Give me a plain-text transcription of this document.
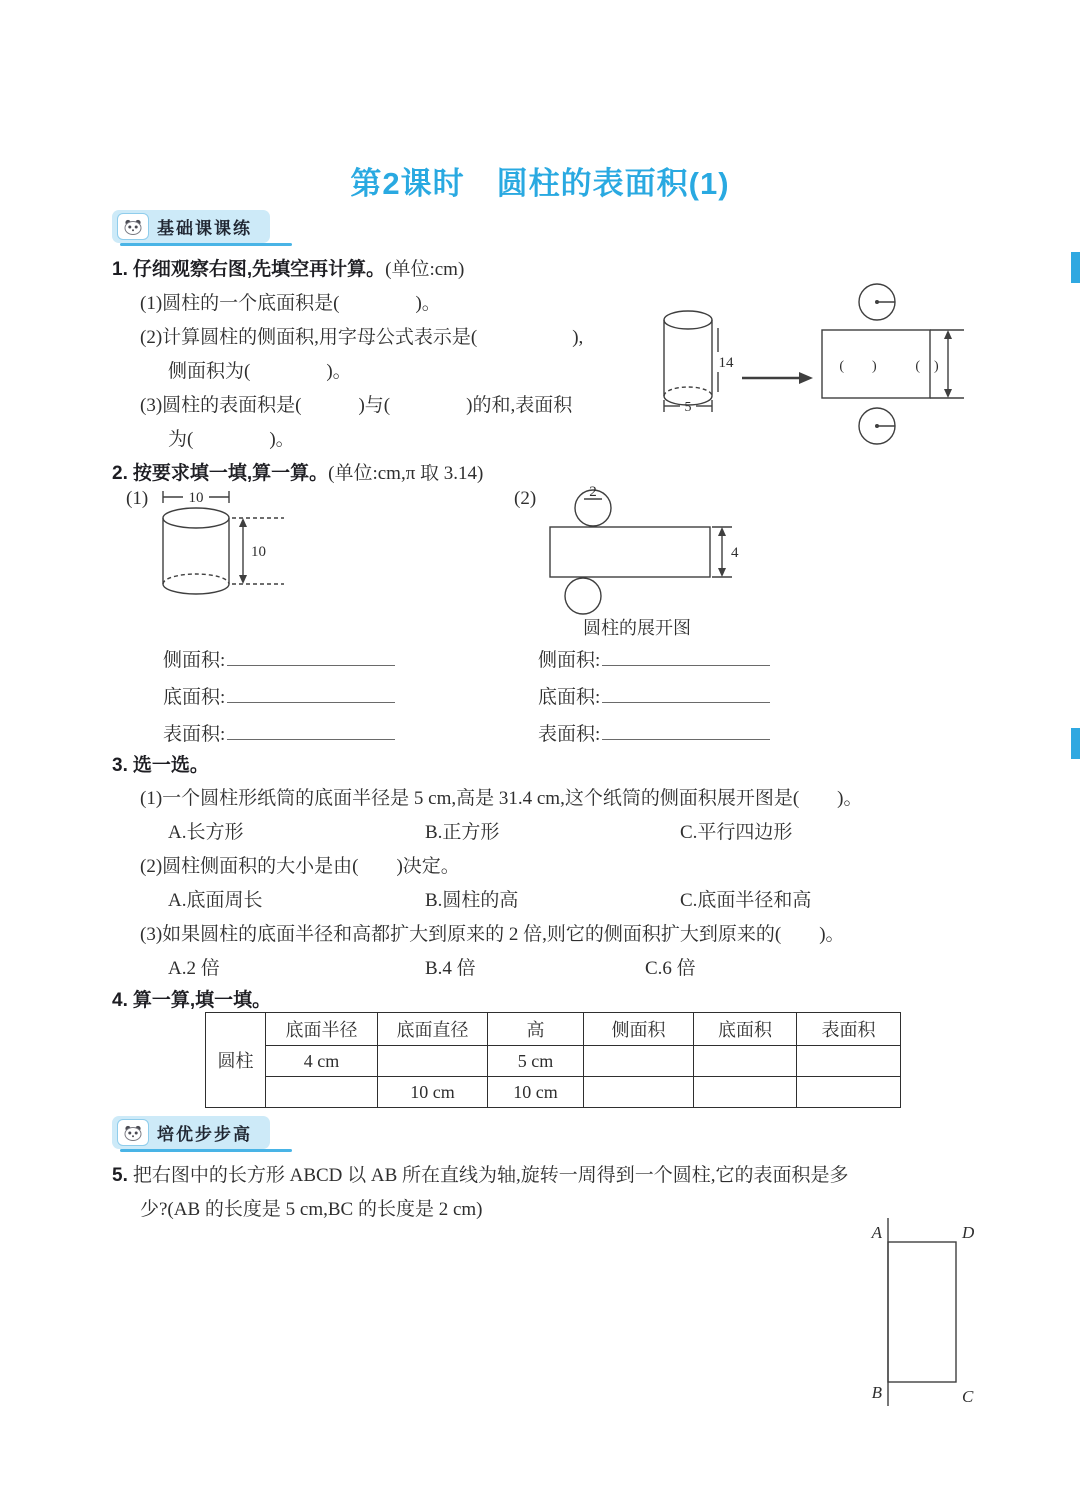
第2课时　圆柱的表面积(1)
基础课课练
1. 仔细观察右图,先填空再计算。(单位:cm)
(1)圆柱的一个底面积是(　　　　)。
(2)计算圆柱的侧面积,用字母公式表示是(　　　　　),
侧面积为(　　　　)。
(3)圆柱的表面积是(　　　)与(　　　　)的和,表面积
为(　　　　)。
14
5
(　　)	(　)
2. 按要求填一填,算一算。(单位:cm,π 取 3.14)
(1)	(2)
10
10
2
4
圆柱的展开图
侧面积:
底面积:
表面积:
侧面积:
底面积:
表面积:
3. 选一选。
(1)一个圆柱形纸筒的底面半径是 5 cm,高是 31.4 cm,这个纸筒的侧面积展开图是(　　)。
A.长方形	B.正方形	C.平行四边形
(2)圆柱侧面积的大小是由(　　)决定。
A.底面周长	B.圆柱的高	C.底面半径和高
(3)如果圆柱的底面半径和高都扩大到原来的 2 倍,则它的侧面积扩大到原来的(　　)。
A.2 倍	B.4 倍	C.6 倍
4. 算一算,填一填。
圆柱	底面半径	底面直径	高	侧面积	底面积	表面积
	4 cm		5 cm			
		10 cm	10 cm			
培优步步高
5. 把右图中的长方形 ABCD 以 AB 所在直线为轴,旋转一周得到一个圆柱,它的表面积是多
少?(AB 的长度是 5 cm,BC 的长度是 2 cm)
A	D
B	C
